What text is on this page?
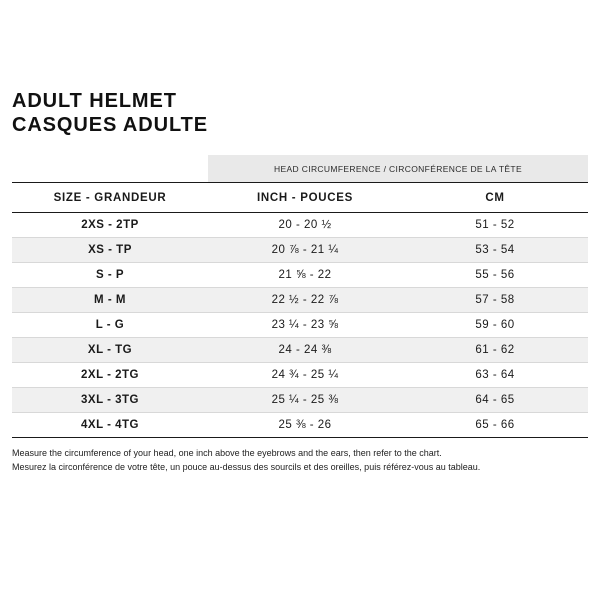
ADULT HELMET
CASQUES ADULTE
	HEAD CIRCUMFERENCE / CIRCONFÉRENCE DE LA TÊTE	
SIZE - GRANDEUR	INCH - POUCES	CM
2XS - 2TP	20 - 20 ½	51 - 52
XS - TP	20 ⅞ - 21 ¼	53 - 54
S - P	21 ⅝ - 22	55 - 56
M - M	22 ½ - 22 ⅞	57 - 58
L - G	23 ¼ - 23 ⅝	59 - 60
XL - TG	24 - 24 ⅜	61 - 62
2XL - 2TG	24 ¾ - 25 ¼	63 - 64
3XL - 3TG	25 ¼ - 25 ⅜	64 - 65
4XL - 4TG	25 ⅜ - 26	65 - 66
Measure the circumference of your head, one inch above the eyebrows and the ears, then refer to the chart.
Mesurez la circonférence de votre tête, un pouce au-dessus des sourcils et des oreilles, puis référez-vous au tableau.
